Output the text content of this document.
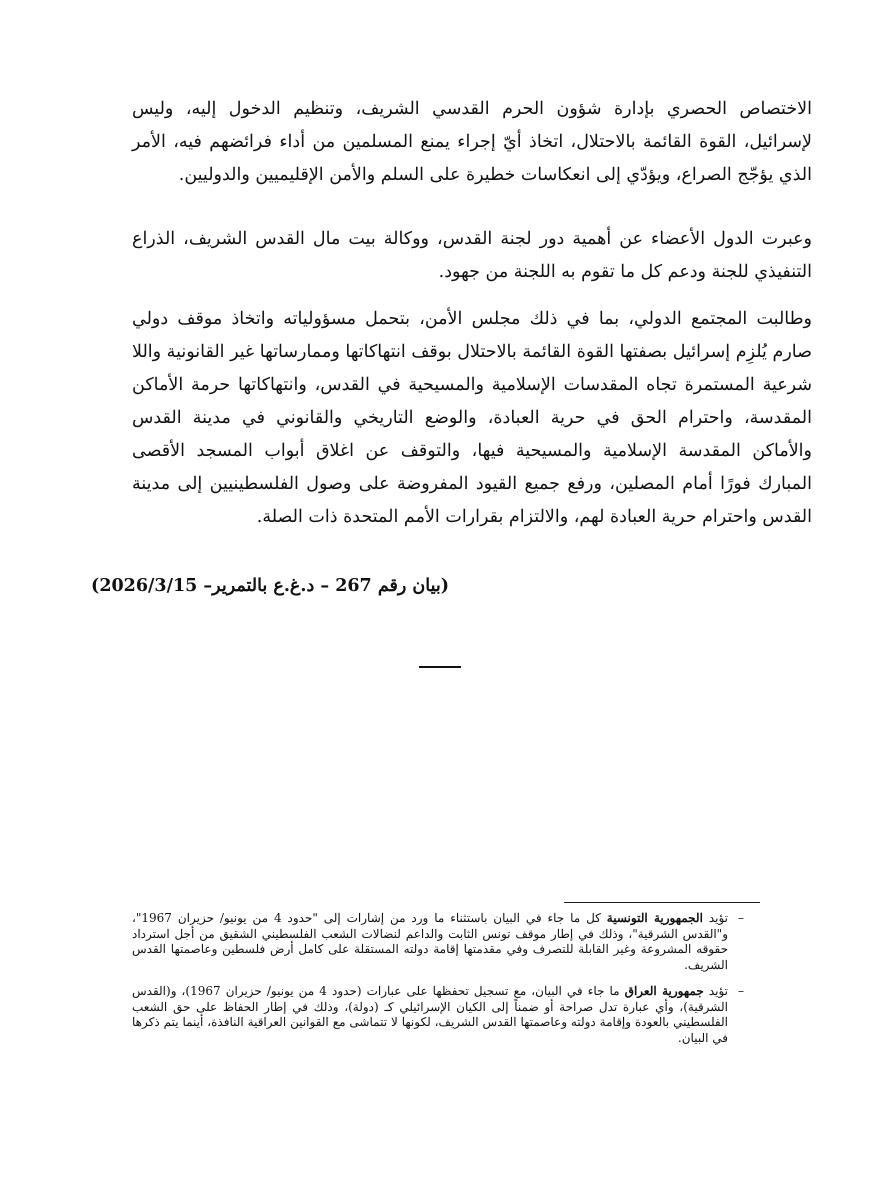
الاختصاص الحصري بإدارة شؤون الحرم القدسي الشريف، وتنظيم الدخول إليه، وليس لإسرائيل، القوة القائمة بالاحتلال، اتخاذ أيّ إجراء يمنع المسلمين من أداء فرائضهم فيه، الأمر الذي يؤجّج الصراع، ويؤدّي إلى انعكاسات خطيرة على السلم والأمن الإقليميين والدوليين.

وعبرت الدول الأعضاء عن أهمية دور لجنة القدس، ووكالة بيت مال القدس الشريف، الذراع التنفيذي للجنة ودعم كل ما تقوم به اللجنة من جهود.

وطالبت المجتمع الدولي، بما في ذلك مجلس الأمن، بتحمل مسؤولياته واتخاذ موقف دولي صارم يُلزِم إسرائيل بصفتها القوة القائمة بالاحتلال بوقف انتهاكاتها وممارساتها غير القانونية واللا شرعية المستمرة تجاه المقدسات الإسلامية والمسيحية في القدس، وانتهاكاتها حرمة الأماكن المقدسة، واحترام الحق في حرية العبادة، والوضع التاريخي والقانوني في مدينة القدس والأماكن المقدسة الإسلامية والمسيحية فيها، والتوقف عن اغلاق أبواب المسجد الأقصى المبارك فورًا أمام المصلين، ورفع جميع القيود المفروضة على وصول الفلسطينيين إلى مدينة القدس واحترام حرية العبادة لهم، والالتزام بقرارات الأمم المتحدة ذات الصلة.

(بيان رقم 267 – د.غ.ع بالتمرير– 2026/3/15)

–

تؤيد الجمهورية التونسية كل ما جاء في البيان باستثناء ما ورد من إشارات إلى "حدود 4 من يونيو/ حزيران 1967"، و"القدس الشرقية"، وذلك في إطار موقف تونس الثابت والداعم لنضالات الشعب الفلسطيني الشقيق من أجل استرداد حقوقه المشروعة وغير القابلة للتصرف وفي مقدمتها إقامة دولته المستقلة على كامل أرض فلسطين وعاصمتها القدس الشريف.

–

تؤيد جمهورية العراق ما جاء في البيان، مع تسجيل تحفظها على عبارات (حدود 4 من يونيو/ حزيران 1967)، و(القدس الشرقية)، وأي عبارة تدل صراحة أو ضمناً إلى الكيان الإسرائيلي كـ (دولة)، وذلك في إطار الحفاظ على حق الشعب الفلسطيني بالعودة وإقامة دولته وعاصمتها القدس الشريف، لكونها لا تتماشى مع القوانين العراقية النافذة، أينما يتم ذكرها في البيان.
